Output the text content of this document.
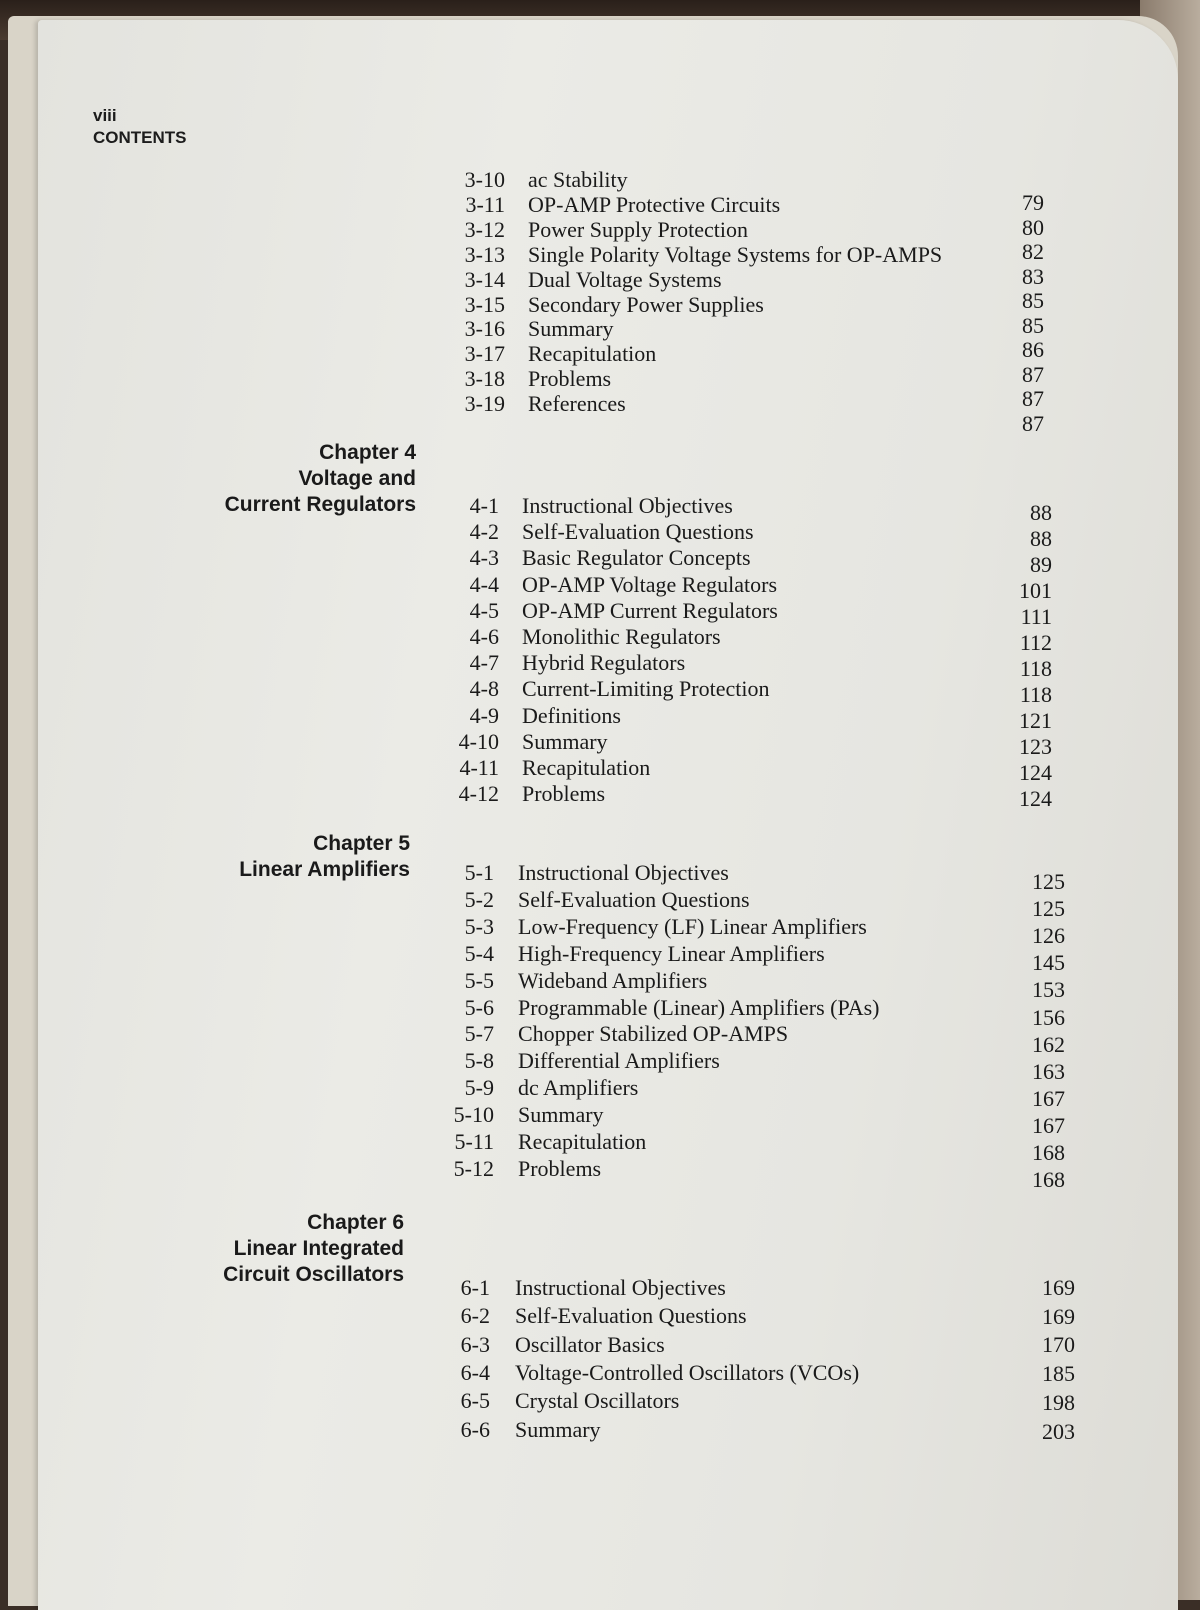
viii
CONTENTS
3-10 ac Stability
3-11 OP-AMP Protective Circuits
3-12 Power Supply Protection
3-13 Single Polarity Voltage Systems for OP-AMPS
3-14 Dual Voltage Systems
3-15 Secondary Power Supplies
3-16 Summary
3-17 Recapitulation
3-18 Problems
3-19 References
79
80
82
83
85
85
86
87
87
87
Chapter 4
Voltage and
Current Regulators	4-1 Instructional Objectives
4-2 Self-Evaluation Questions
4-3 Basic Regulator Concepts
4-4 OP-AMP Voltage Regulators
4-5 OP-AMP Current Regulators
4-6 Monolithic Regulators
4-7 Hybrid Regulators
4-8 Current-Limiting Protection
4-9 Definitions
4-10 Summary
4-11 Recapitulation
4-12 Problems
88
88
89
101
111
112
118
118
121
123
124
124
Chapter 5
Linear Amplifiers	5-1 Instructional Objectives
5-2 Self-Evaluation Questions
5-3 Low-Frequency (LF) Linear Amplifiers
5-4 High-Frequency Linear Amplifiers
5-5 Wideband Amplifiers
5-6 Programmable (Linear) Amplifiers (PAs)
5-7 Chopper Stabilized OP-AMPS
5-8 Differential Amplifiers
5-9 dc Amplifiers
5-10 Summary
5-11 Recapitulation
5-12 Problems
125
125
126
145
153
156
162
163
167
167
168
168
Chapter 6
Linear Integrated
Circuit Oscillators
6-1 Instructional Objectives
6-2 Self-Evaluation Questions
6-3 Oscillator Basics
6-4 Voltage-Controlled Oscillators (VCOs)
6-5 Crystal Oscillators
6-6 Summary
169
169
170
185
198
203
